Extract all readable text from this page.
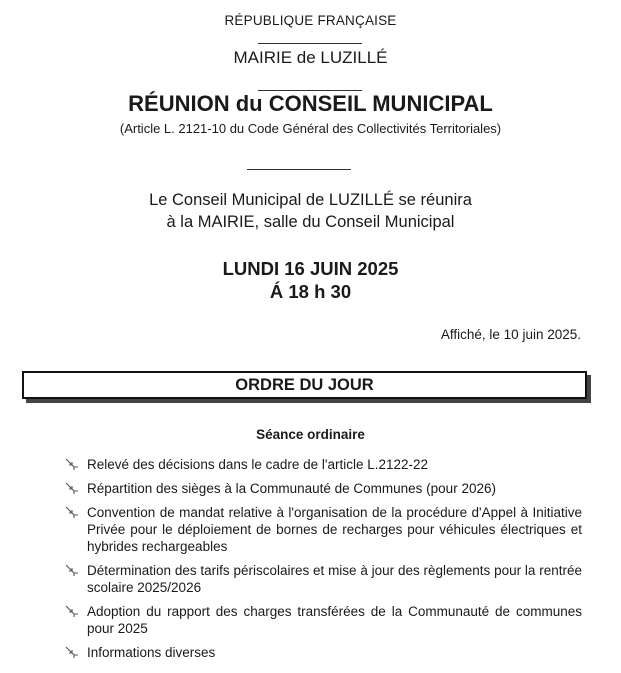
RÉPUBLIQUE FRANÇAISE
MAIRIE de LUZILLÉ
RÉUNION du CONSEIL MUNICIPAL
(Article L. 2121-10 du Code Général des Collectivités Territoriales)
Le Conseil Municipal de LUZILLÉ se réunira
à la MAIRIE, salle du Conseil Municipal
LUNDI 16 JUIN 2025
Á 18 h 30
Affiché, le 10 juin 2025.
ORDRE DU JOUR
Séance ordinaire
Relevé des décisions dans le cadre de l'article L.2122-22
Répartition des sièges à la Communauté de Communes (pour 2026)
Convention de mandat relative à l'organisation de la procédure d'Appel à Initiative Privée pour le déploiement de bornes de recharges pour véhicules électriques et hybrides rechargeables
Détermination des tarifs périscolaires et mise à jour des règlements pour la rentrée scolaire 2025/2026
Adoption du rapport des charges transférées de la Communauté de communes pour 2025
Informations diverses
